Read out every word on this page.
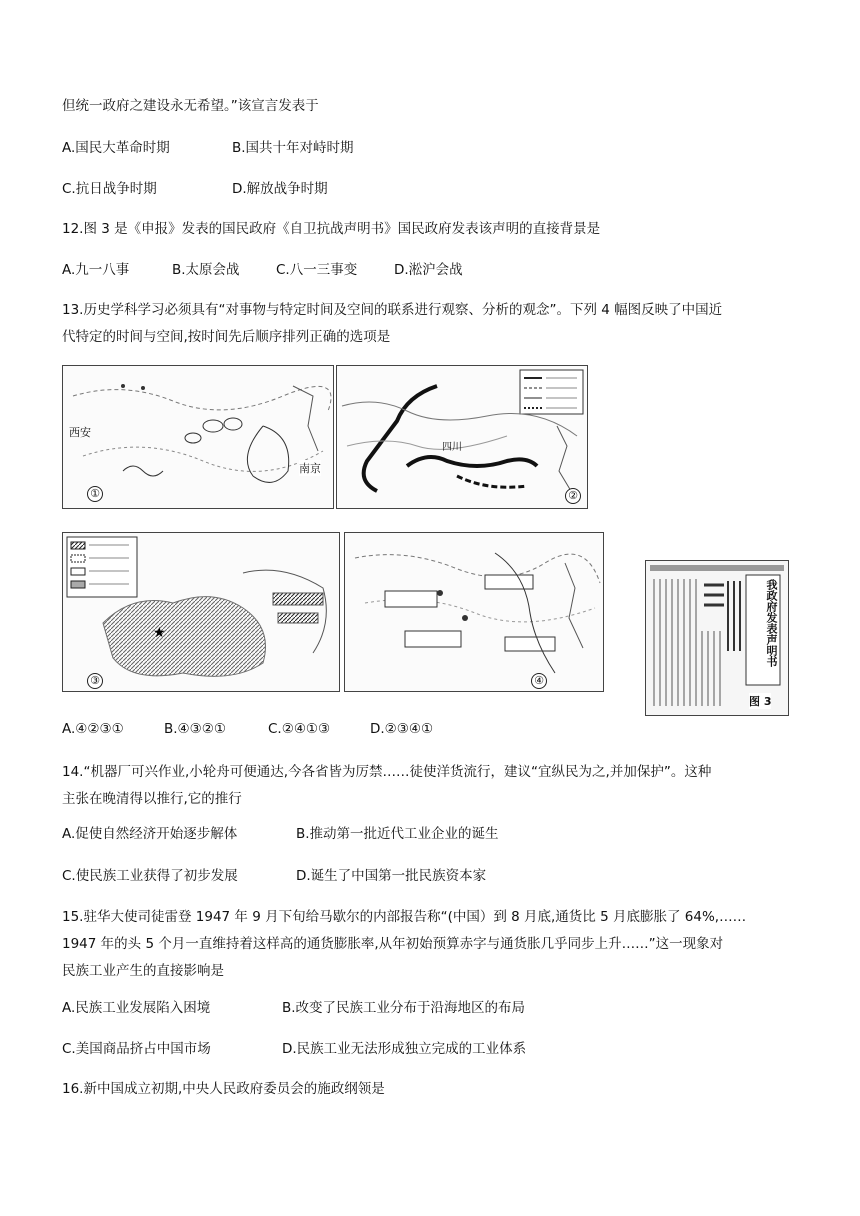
但统一政府之建设永无希望。”该宣言发表于
A.国民大革命时期	B.国共十年对峙时期
C.抗日战争时期	D.解放战争时期
12.图 3 是《申报》发表的国民政府《自卫抗战声明书》国民政府发表该声明的直接背景是
A.九一八事	B.太原会战	C.八一三事变	D.淞沪会战
13.历史学科学习必须具有“对事物与特定时间及空间的联系进行观察、分析的观念”。下列 4 幅图反映了中国近
代特定的时间与空间,按时间先后顺序排列正确的选项是
西安
南京
①
四川
②
★
③	④
我政府发表声明书
图 3
A.④②③①	B.④③②①	C.②④①③	D.②③④①
14.“机器厂可兴作业,小轮舟可便通达,今各省皆为厉禁……徒使洋货流行，建议“宜纵民为之,并加保护”。这种
主张在晚清得以推行,它的推行
A.促使自然经济开始逐步解体	B.推动第一批近代工业企业的诞生
C.使民族工业获得了初步发展	D.诞生了中国第一批民族资本家
15.驻华大使司徒雷登 1947 年 9 月下旬给马歇尔的内部报告称“(中国）到 8 月底,通货比 5 月底膨胀了 64%,……
1947 年的头 5 个月一直维持着这样高的通货膨胀率,从年初始预算赤字与通货胀几乎同步上升……”这一现象对
民族工业产生的直接影响是
A.民族工业发展陷入困境	B.改变了民族工业分布于沿海地区的布局
C.美国商品挤占中国市场	D.民族工业无法形成独立完成的工业体系
16.新中国成立初期,中央人民政府委员会的施政纲领是
